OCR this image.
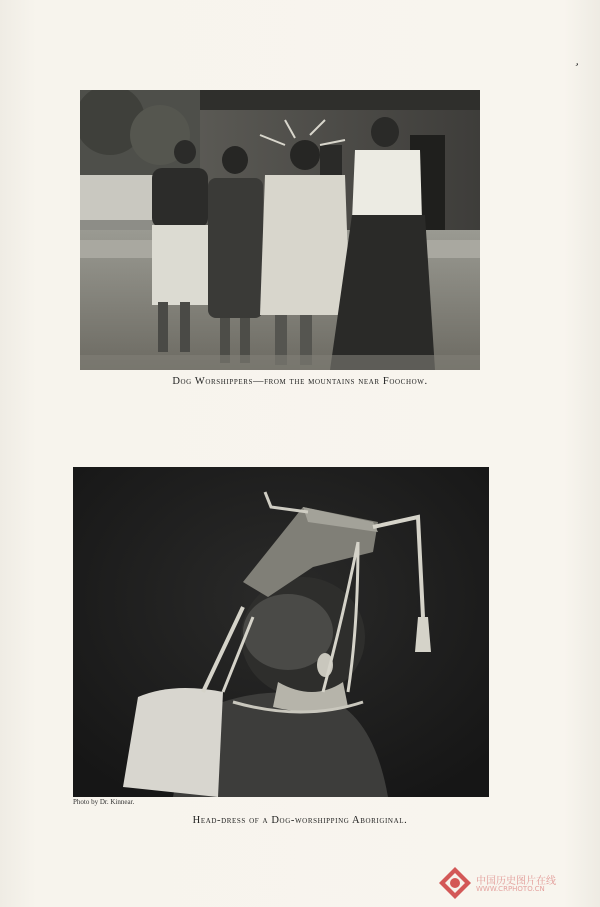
ʼ
Dog Worshippers—from the mountains near Foochow.
Photo by Dr. Kinnear.
Head-dress of a Dog-worshipping Aboriginal.
中国历史图片在线
WWW.CRPHOTO.CN
